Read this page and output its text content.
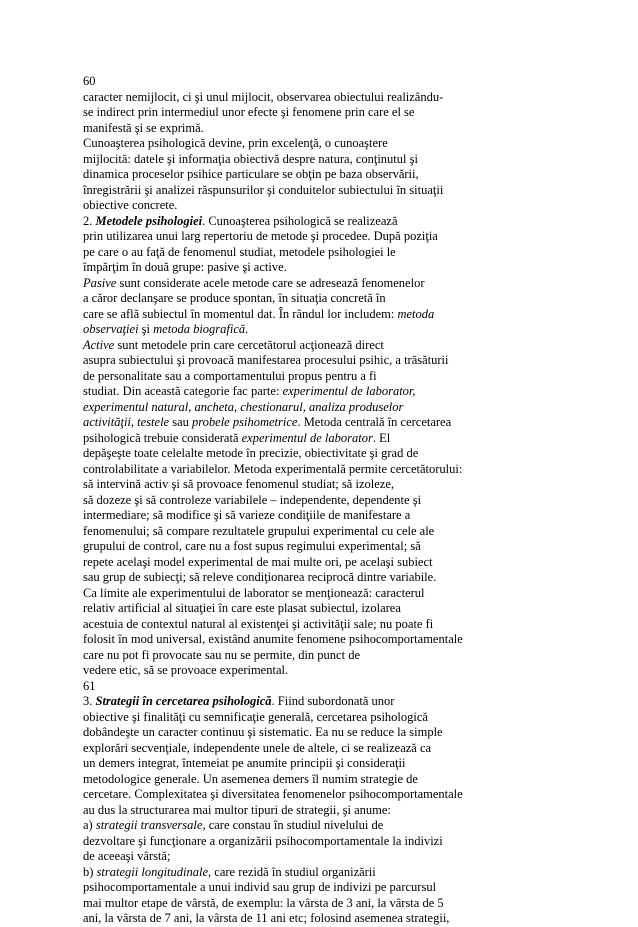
60
caracter nemijlocit, ci şi unul mijlocit, observarea obiectului realizându-
se indirect prin intermediul unor efecte şi fenomene prin care el se
manifestă şi se exprimă.
Cunoaşterea psihologică devine, prin excelenţă, o cunoaştere
mijlocită: datele şi informaţia obiectivă despre natura, conţinutul şi
dinamica proceselor psihice particulare se obţin pe baza observării,
înregistrării şi analizei răspunsurilor şi conduitelor subiectului în situaţii
obiective concrete.
2. Metodele psihologiei. Cunoaşterea psihologică se realizează
prin utilizarea unui larg repertoriu de metode şi procedee. După poziţia
pe care o au faţă de fenomenul studiat, metodele psihologiei le
împărţim în două grupe: pasive şi active.
Pasive sunt considerate acele metode care se adresează fenomenelor
a căror declanşare se produce spontan, în situaţia concretă în
care se află subiectul în momentul dat. În rândul lor includem: metoda
observaţiei şi metoda biografică.
Active sunt metodele prin care cercetătorul acţionează direct
asupra subiectului şi provoacă manifestarea procesului psihic, a trăsăturii
de personalitate sau a comportamentului propus pentru a fi
studiat. Din această categorie fac parte: experimentul de laborator,
experimentul natural, ancheta, chestionarul, analiza produselor
activităţii, testele sau probele psihometrice. Metoda centrală în cercetarea
psihologică trebuie considerată experimentul de laborator. El
depăşeşte toate celelalte metode în precizie, obiectivitate şi grad de
controlabilitate a variabilelor. Metoda experimentală permite cercetătorului:
să intervină activ şi să provoace fenomenul studiat; să izoleze,
să dozeze şi să controleze variabilele – independente, dependente şi
intermediare; să modifice şi să varieze condiţiile de manifestare a
fenomenului; să compare rezultatele grupului experimental cu cele ale
grupului de control, care nu a fost supus regimului experimental; să
repete acelaşi model experimental de mai multe ori, pe acelaşi subiect
sau grup de subiecţi; să releve condiţionarea reciprocă dintre variabile.
Ca limite ale experimentului de laborator se menţionează: caracterul
relativ artificial al situaţiei în care este plasat subiectul, izolarea
acestuia de contextul natural al existenţei şi activităţii sale; nu poate fi
folosit în mod universal, existând anumite fenomene psihocomportamentale
care nu pot fi provocate sau nu se permite, din punct de
vedere etic, să se provoace experimental.
61
3. Strategii în cercetarea psihologică. Fiind subordonată unor
obiective şi finalităţi cu semnificaţie generală, cercetarea psihologică
dobândeşte un caracter continuu şi sistematic. Ea nu se reduce la simple
explorări secvenţiale, independente unele de altele, ci se realizează ca
un demers integrat, întemeiat pe anumite principii şi consideraţii
metodologice generale. Un asemenea demers îl numim strategie de
cercetare. Complexitatea şi diversitatea fenomenelor psihocomportamentale
au dus la structurarea mai multor tipuri de strategii, şi anume:
a) strategii transversale, care constau în studiul nivelului de
dezvoltare şi funcţionare a organizării psihocomportamentale la indivizi
de aceeaşi vârstă;
b) strategii longitudinale, care rezidă în studiul organizării
psihocomportamentale a unui individ sau grup de indivizi pe parcursul
mai multor etape de vârstă, de exemplu: la vârsta de 3 ani, la vârsta de 5
ani, la vârsta de 7 ani, la vârsta de 11 ani etc; folosind asemenea strategii,
